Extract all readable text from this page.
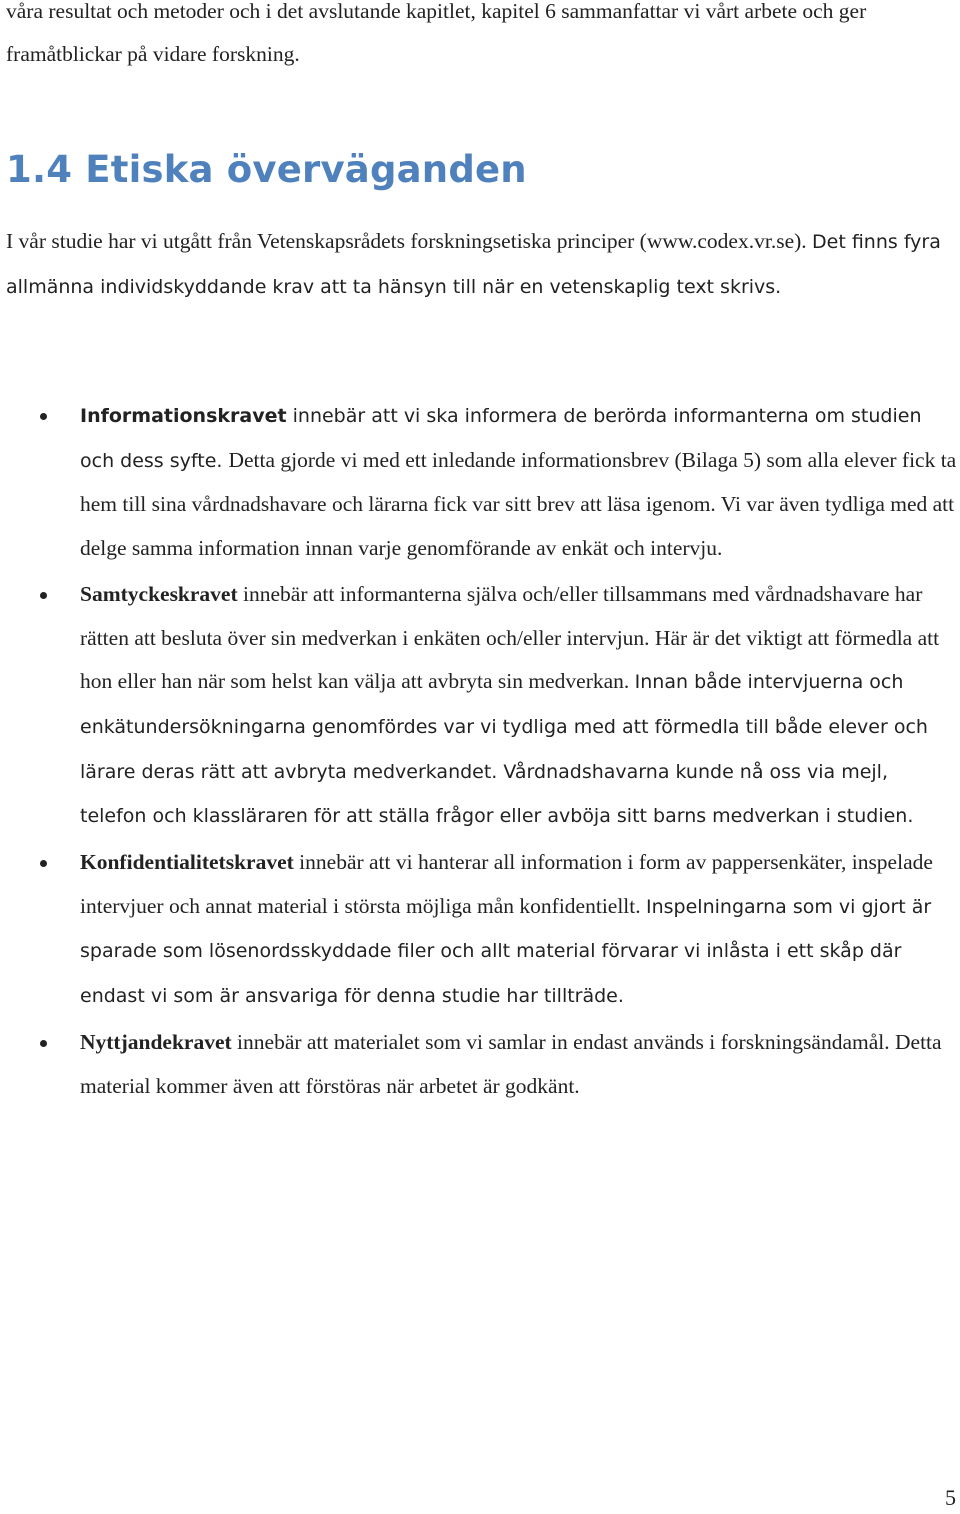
våra resultat och metoder och i det avslutande kapitlet, kapitel 6 sammanfattar vi vårt arbete och ger framåtblickar på vidare forskning.

1.4 Etiska överväganden

I vår studie har vi utgått från Vetenskapsrådets forskningsetiska principer (www.codex.vr.se). Det finns fyra allmänna individskyddande krav att ta hänsyn till när en vetenskaplig text skrivs.

Informationskravet innebär att vi ska informera de berörda informanterna om studien och dess syfte. Detta gjorde vi med ett inledande informationsbrev (Bilaga 5) som alla elever fick ta hem till sina vårdnadshavare och lärarna fick var sitt brev att läsa igenom. Vi var även tydliga med att delge samma information innan varje genomförande av enkät och intervju.
Samtyckeskravet innebär att informanterna själva och/eller tillsammans med vårdnadshavare har rätten att besluta över sin medverkan i enkäten och/eller intervjun. Här är det viktigt att förmedla att hon eller han när som helst kan välja att avbryta sin medverkan. Innan både intervjuerna och enkätundersökningarna genomfördes var vi tydliga med att förmedla till både elever och lärare deras rätt att avbryta medverkandet. Vårdnadshavarna kunde nå oss via mejl, telefon och klassläraren för att ställa frågor eller avböja sitt barns medverkan i studien.
Konfidentialitetskravet innebär att vi hanterar all information i form av pappersenkäter, inspelade intervjuer och annat material i största möjliga mån konfidentiellt. Inspelningarna som vi gjort är sparade som lösenordsskyddade filer och allt material förvarar vi inlåsta i ett skåp där endast vi som är ansvariga för denna studie har tillträde.
Nyttjandekravet innebär att materialet som vi samlar in endast används i forskningsändamål. Detta material kommer även att förstöras när arbetet är godkänt.
5
